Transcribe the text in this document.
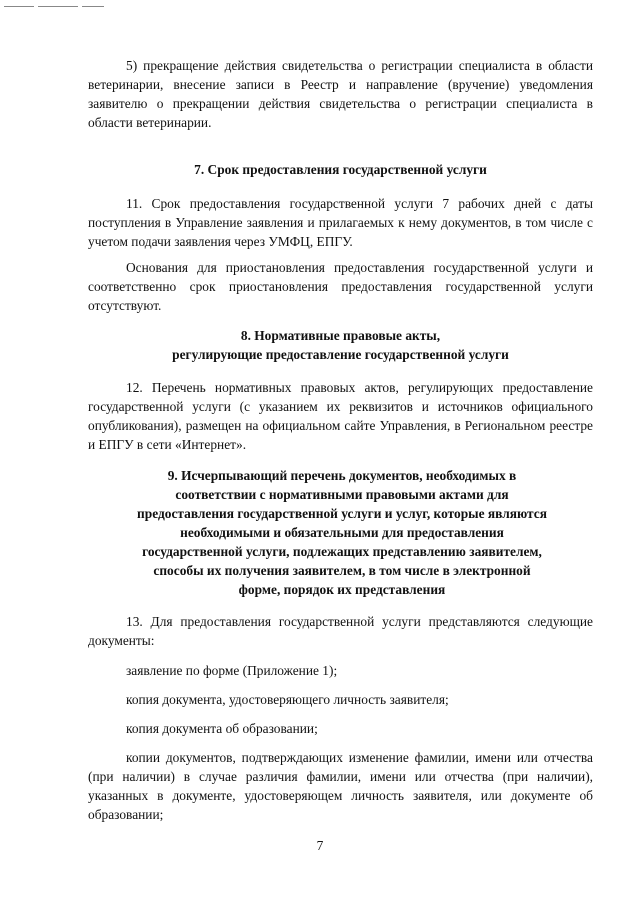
5) прекращение действия свидетельства о регистрации специалиста в области ветеринарии, внесение записи в Реестр и направление (вручение) уведомления заявителю о прекращении действия свидетельства о регистрации специалиста в области ветеринарии.

7. Срок предоставления государственной услуги

11. Срок предоставления государственной услуги 7 рабочих дней с даты поступления в Управление заявления и прилагаемых к нему документов, в том числе с учетом подачи заявления через УМФЦ, ЕПГУ.

Основания для приостановления предоставления государственной услуги и соответственно срок приостановления предоставления государственной услуги отсутствуют.

8. Нормативные правовые акты,

регулирующие предоставление государственной услуги

12. Перечень нормативных правовых актов, регулирующих предоставление государственной услуги (с указанием их реквизитов и источников официального опубликования), размещен на официальном сайте Управления, в Региональном реестре и ЕПГУ в сети «Интернет».

9. Исчерпывающий перечень документов, необходимых в соответствии с нормативными правовыми актами для предоставления государственной услуги и услуг, которые являются необходимыми и обязательными для предоставления государственной услуги, подлежащих представлению заявителем, способы их получения заявителем, в том числе в электронной форме, порядок их представления

13. Для предоставления государственной услуги представляются следующие документы:

заявление по форме (Приложение 1);

копия документа, удостоверяющего личность заявителя;

копия документа об образовании;

копии документов, подтверждающих изменение фамилии, имени или отчества (при наличии) в случае различия фамилии, имени или отчества (при наличии), указанных в документе, удостоверяющем личность заявителя, или документе об образовании;

7
